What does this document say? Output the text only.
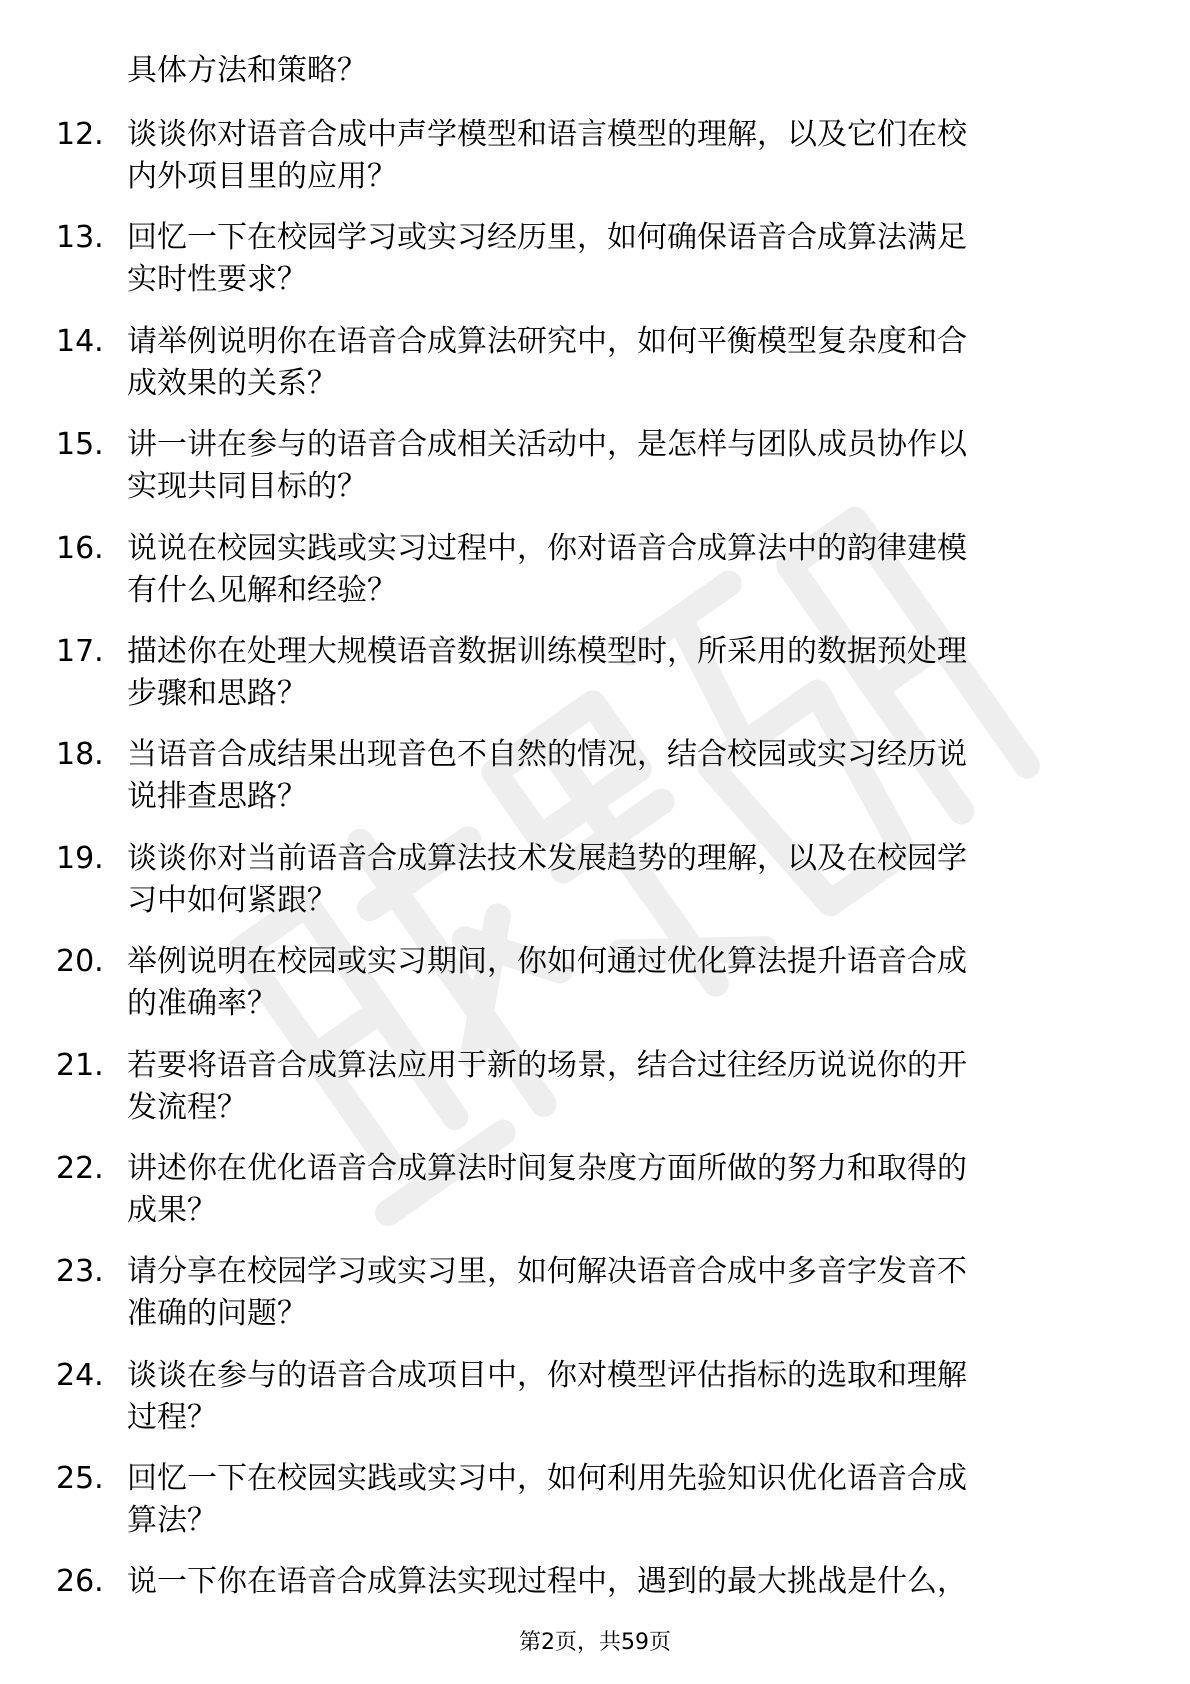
具体方法和策略？
12. 谈谈你对语音合成中声学模型和语言模型的理解，以及它们在校
内外项目里的应用？
13. 回忆一下在校园学习或实习经历里，如何确保语音合成算法满足
实时性要求？
14. 请举例说明你在语音合成算法研究中，如何平衡模型复杂度和合
成效果的关系？
15. 讲一讲在参与的语音合成相关活动中，是怎样与团队成员协作以
实现共同目标的？
16. 说说在校园实践或实习过程中，你对语音合成算法中的韵律建模
有什么见解和经验？
17. 描述你在处理大规模语音数据训练模型时，所采用的数据预处理
步骤和思路？
18. 当语音合成结果出现音色不自然的情况，结合校园或实习经历说
说排查思路？
19. 谈谈你对当前语音合成算法技术发展趋势的理解，以及在校园学
习中如何紧跟？
20. 举例说明在校园或实习期间，你如何通过优化算法提升语音合成
的准确率？
21. 若要将语音合成算法应用于新的场景，结合过往经历说说你的开
发流程？
22. 讲述你在优化语音合成算法时间复杂度方面所做的努力和取得的
成果？
23. 请分享在校园学习或实习里，如何解决语音合成中多音字发音不
准确的问题？
24. 谈谈在参与的语音合成项目中，你对模型评估指标的选取和理解
过程？
25. 回忆一下在校园实践或实习中，如何利用先验知识优化语音合成
算法？
26. 说一下你在语音合成算法实现过程中，遇到的最大挑战是什么，
第2页，共59页
